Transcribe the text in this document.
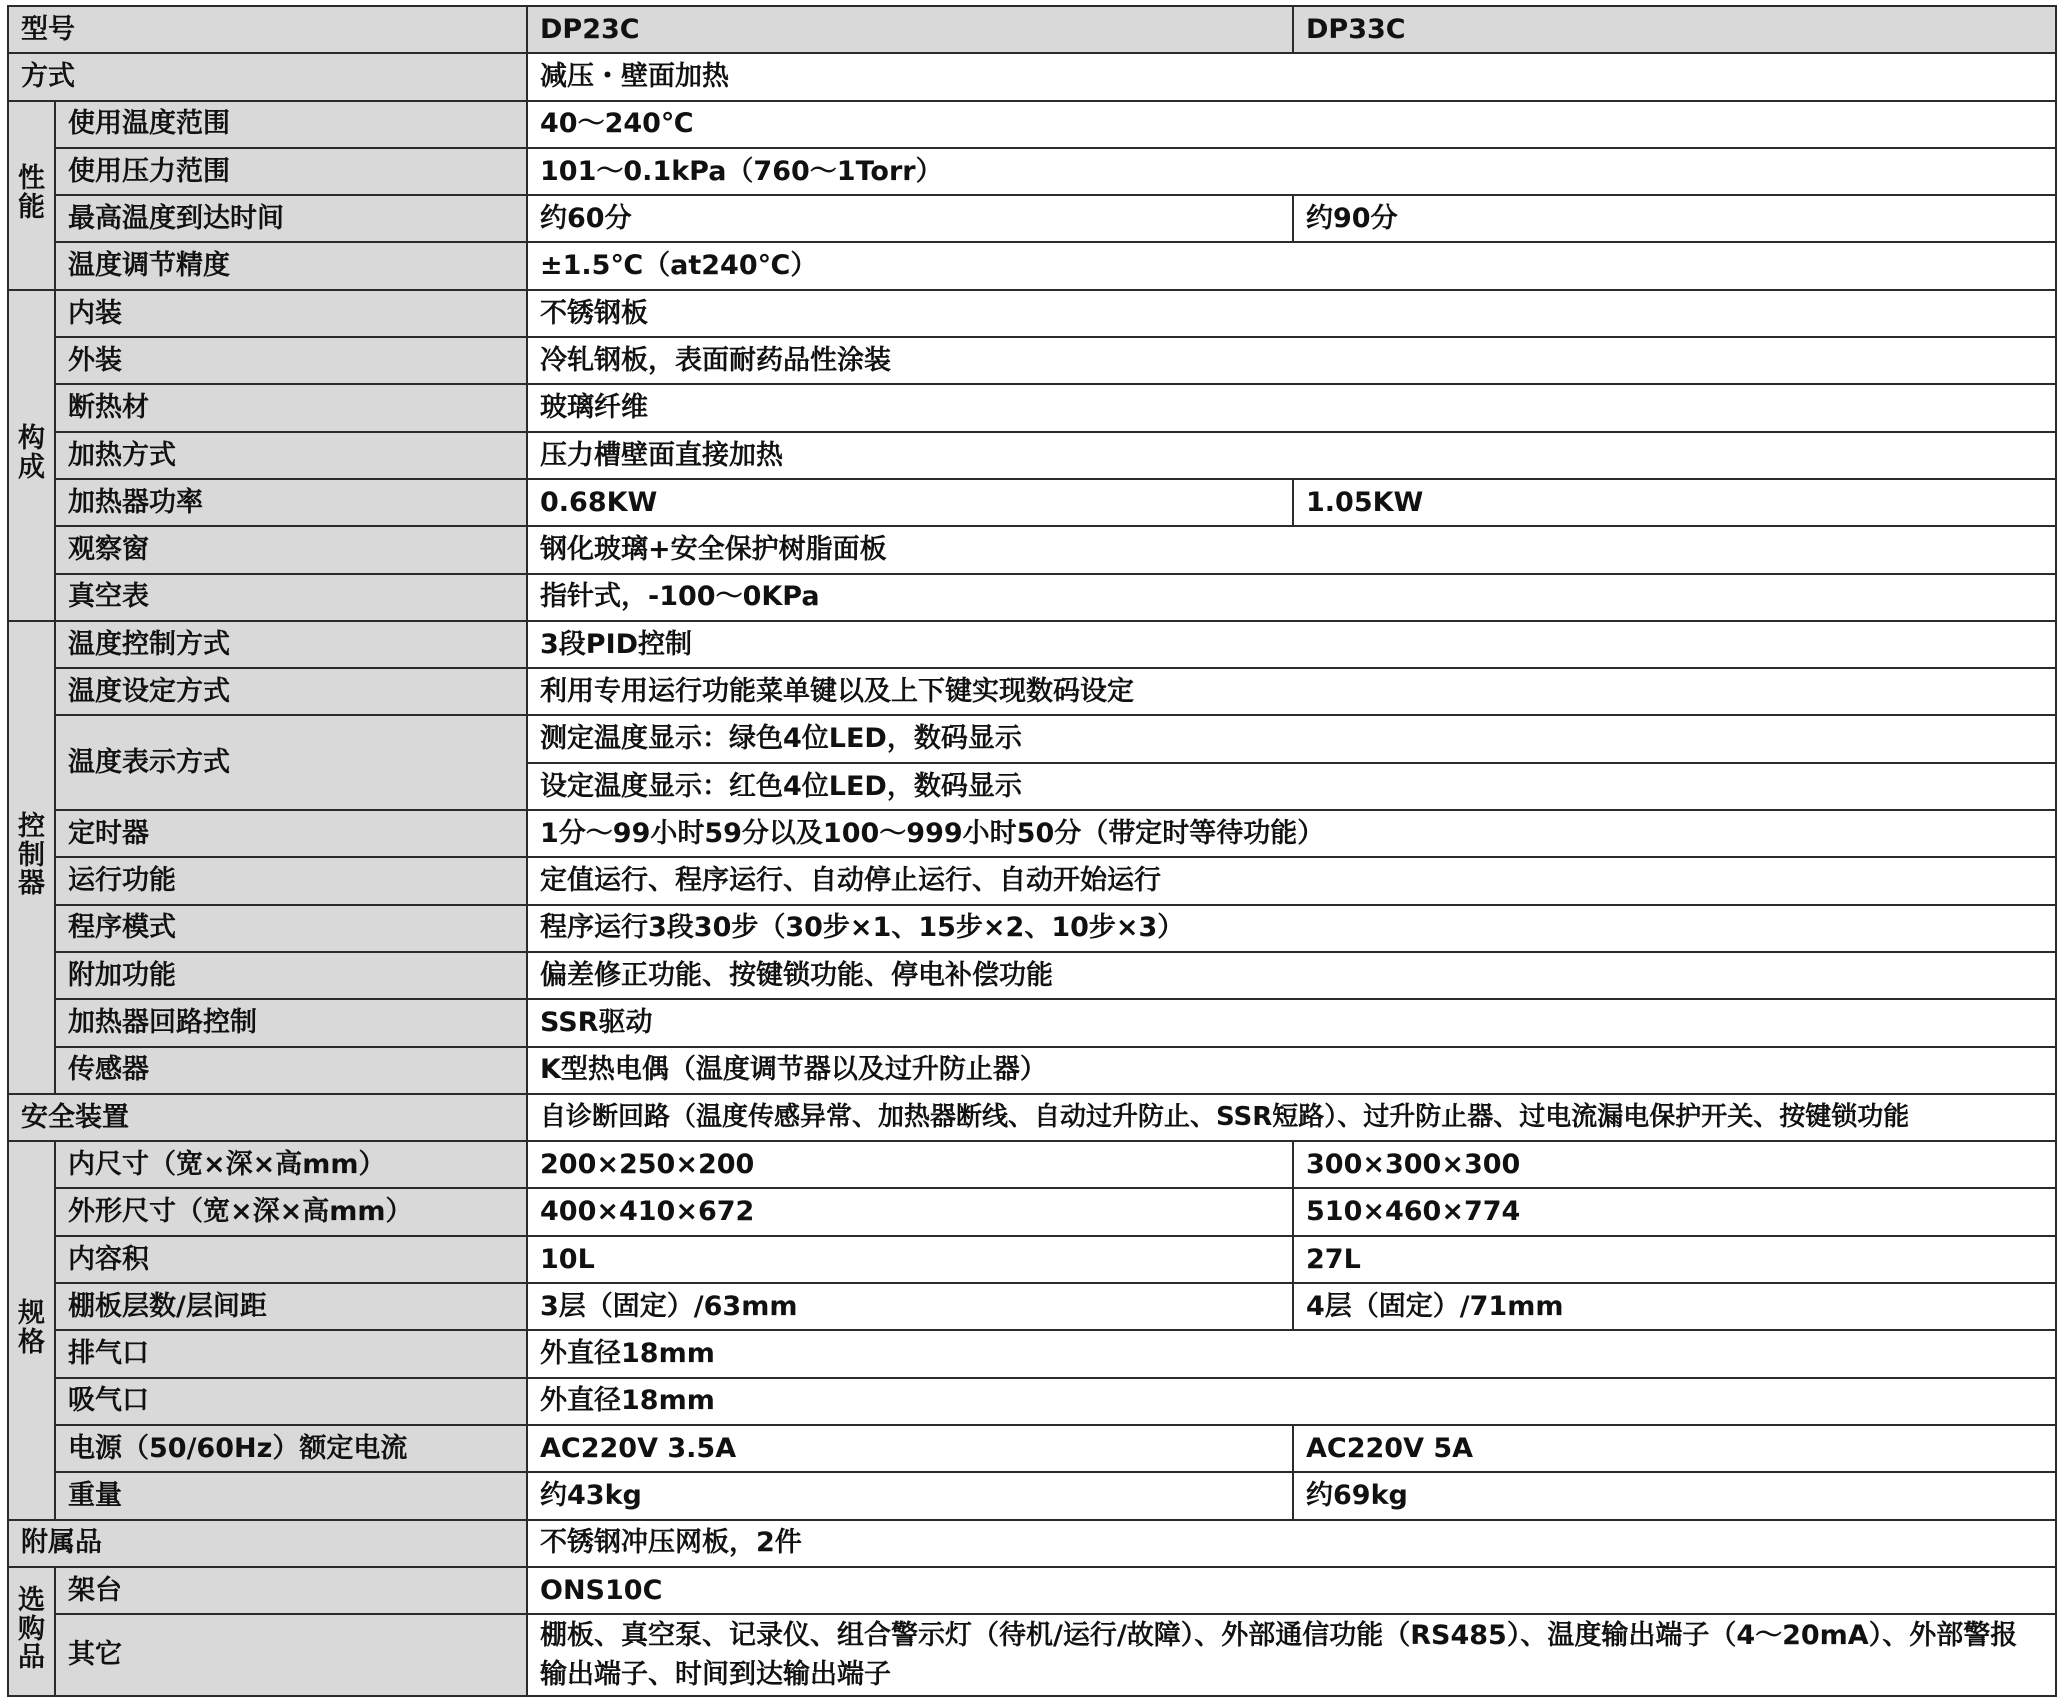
型号		DP23C	DP33C
方式		减压・壁面加热	
性能	使用温度范围	40～240℃	
	使用压力范围	101～0.1kPa（760～1Torr）	
	最高温度到达时间	约60分	约90分
	温度调节精度	±1.5℃（at240℃）	
构成	内装	不锈钢板	
	外装	冷轧钢板，表面耐药品性涂装	
	断热材	玻璃纤维	
	加热方式	压力槽壁面直接加热	
	加热器功率	0.68KW	1.05KW
	观察窗	钢化玻璃+安全保护树脂面板	
	真空表	指针式，-100～0KPa	
控制器	温度控制方式	3段PID控制	
	温度设定方式	利用专用运行功能菜单键以及上下键实现数码设定	
	温度表示方式	测定温度显示：绿色4位LED，数码显示	
		设定温度显示：红色4位LED，数码显示	
	定时器	1分～99小时59分以及100～999小时50分（带定时等待功能）	
	运行功能	定值运行、程序运行、自动停止运行、自动开始运行	
	程序模式	程序运行3段30步（30步×1、15步×2、10步×3）	
	附加功能	偏差修正功能、按键锁功能、停电补偿功能	
	加热器回路控制	SSR驱动	
	传感器	K型热电偶（温度调节器以及过升防止器）	
安全装置		自诊断回路（温度传感异常、加热器断线、自动过升防止、SSR短路）、过升防止器、过电流漏电保护开关、按键锁功能	
规格	内尺寸（宽×深×高mm）	200×250×200	300×300×300
	外形尺寸（宽×深×高mm）	400×410×672	510×460×774
	内容积	10L	27L
	棚板层数/层间距	3层（固定）/63mm	4层（固定）/71mm
	排气口	外直径18mm	
	吸气口	外直径18mm	
	电源（50/60Hz）额定电流	AC220V 3.5A	AC220V 5A
	重量	约43kg	约69kg
附属品		不锈钢冲压网板，2件	
选购品	架台	ONS10C	
	其它	棚板、真空泵、记录仪、组合警示灯（待机/运行/故障）、外部通信功能（RS485）、温度输出端子（4～20mA）、外部警报输出端子、时间到达输出端子	
